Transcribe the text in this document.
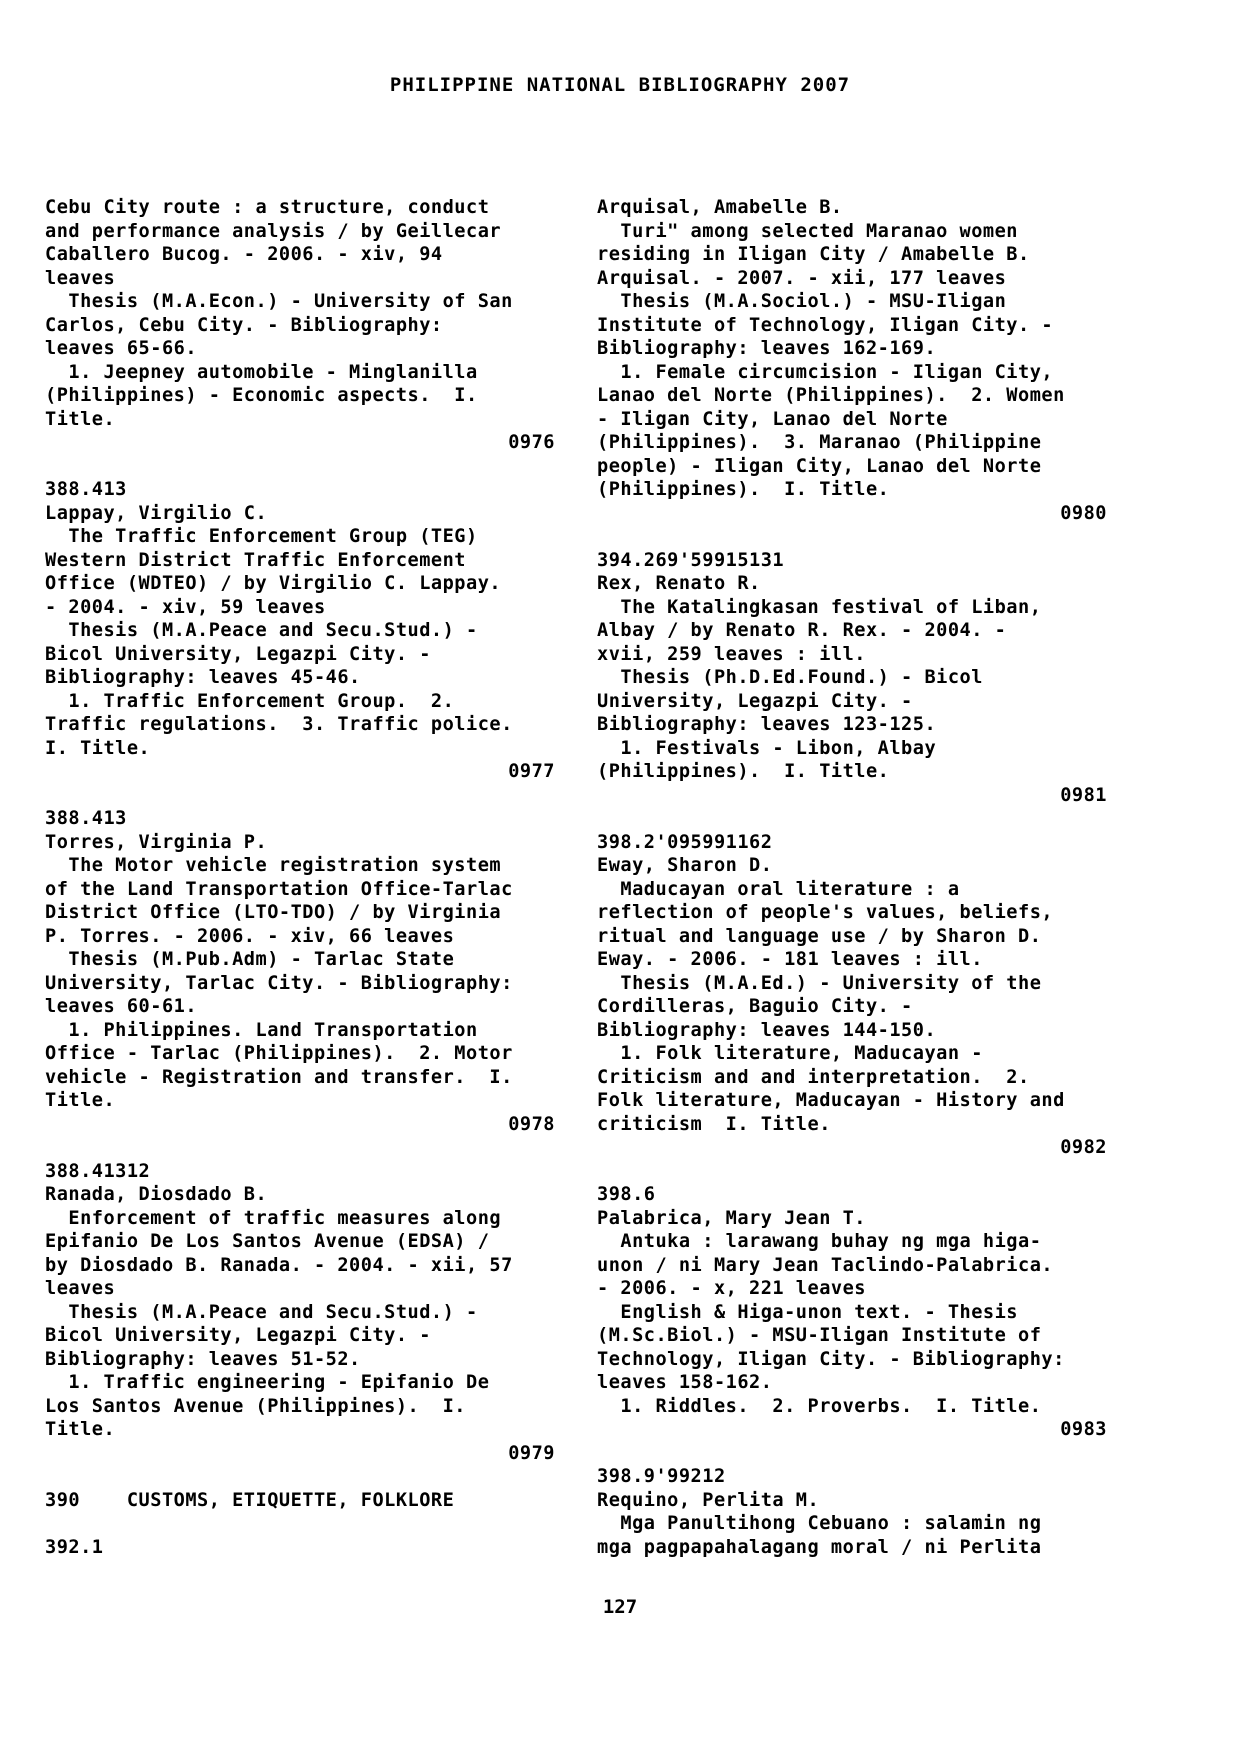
PHILIPPINE NATIONAL BIBLIOGRAPHY 2007
Cebu City route : a structure, conduct
and performance analysis / by Geillecar
Caballero Bucog. - 2006. - xiv, 94
leaves
Thesis (M.A.Econ.) - University of San
Carlos, Cebu City. - Bibliography:
leaves 65-66.
1. Jeepney automobile - Minglanilla
(Philippines) - Economic aspects.  I.
Title.
0976
388.413
Lappay, Virgilio C.
The Traffic Enforcement Group (TEG)
Western District Traffic Enforcement
Office (WDTEO) / by Virgilio C. Lappay.
- 2004. - xiv, 59 leaves
Thesis (M.A.Peace and Secu.Stud.) -
Bicol University, Legazpi City. -
Bibliography: leaves 45-46.
1. Traffic Enforcement Group.  2.
Traffic regulations.  3. Traffic police.
I. Title.
0977
388.413
Torres, Virginia P.
The Motor vehicle registration system
of the Land Transportation Office-Tarlac
District Office (LTO-TDO) / by Virginia
P. Torres. - 2006. - xiv, 66 leaves
Thesis (M.Pub.Adm) - Tarlac State
University, Tarlac City. - Bibliography:
leaves 60-61.
1. Philippines. Land Transportation
Office - Tarlac (Philippines).  2. Motor
vehicle - Registration and transfer.  I.
Title.
0978
388.41312
Ranada, Diosdado B.
Enforcement of traffic measures along
Epifanio De Los Santos Avenue (EDSA) /
by Diosdado B. Ranada. - 2004. - xii, 57
leaves
Thesis (M.A.Peace and Secu.Stud.) -
Bicol University, Legazpi City. -
Bibliography: leaves 51-52.
1. Traffic engineering - Epifanio De
Los Santos Avenue (Philippines).  I.
Title.
0979
390    CUSTOMS, ETIQUETTE, FOLKLORE
392.1
Arquisal, Amabelle B.
Turi" among selected Maranao women
residing in Iligan City / Amabelle B.
Arquisal. - 2007. - xii, 177 leaves
Thesis (M.A.Sociol.) - MSU-Iligan
Institute of Technology, Iligan City. -
Bibliography: leaves 162-169.
1. Female circumcision - Iligan City,
Lanao del Norte (Philippines).  2. Women
- Iligan City, Lanao del Norte
(Philippines).  3. Maranao (Philippine
people) - Iligan City, Lanao del Norte
(Philippines).  I. Title.
0980
394.269'59915131
Rex, Renato R.
The Katalingkasan festival of Liban,
Albay / by Renato R. Rex. - 2004. -
xvii, 259 leaves : ill.
Thesis (Ph.D.Ed.Found.) - Bicol
University, Legazpi City. -
Bibliography: leaves 123-125.
1. Festivals - Libon, Albay
(Philippines).  I. Title.
0981
398.2'095991162
Eway, Sharon D.
Maducayan oral literature : a
reflection of people's values, beliefs,
ritual and language use / by Sharon D.
Eway. - 2006. - 181 leaves : ill.
Thesis (M.A.Ed.) - University of the
Cordilleras, Baguio City. -
Bibliography: leaves 144-150.
1. Folk literature, Maducayan -
Criticism and and interpretation.  2.
Folk literature, Maducayan - History and
criticism  I. Title.
0982
398.6
Palabrica, Mary Jean T.
Antuka : larawang buhay ng mga higa-
unon / ni Mary Jean Taclindo-Palabrica.
- 2006. - x, 221 leaves
English & Higa-unon text. - Thesis
(M.Sc.Biol.) - MSU-Iligan Institute of
Technology, Iligan City. - Bibliography:
leaves 158-162.
1. Riddles.  2. Proverbs.  I. Title.
0983
398.9'99212
Requino, Perlita M.
Mga Panultihong Cebuano : salamin ng
mga pagpapahalagang moral / ni Perlita
127
